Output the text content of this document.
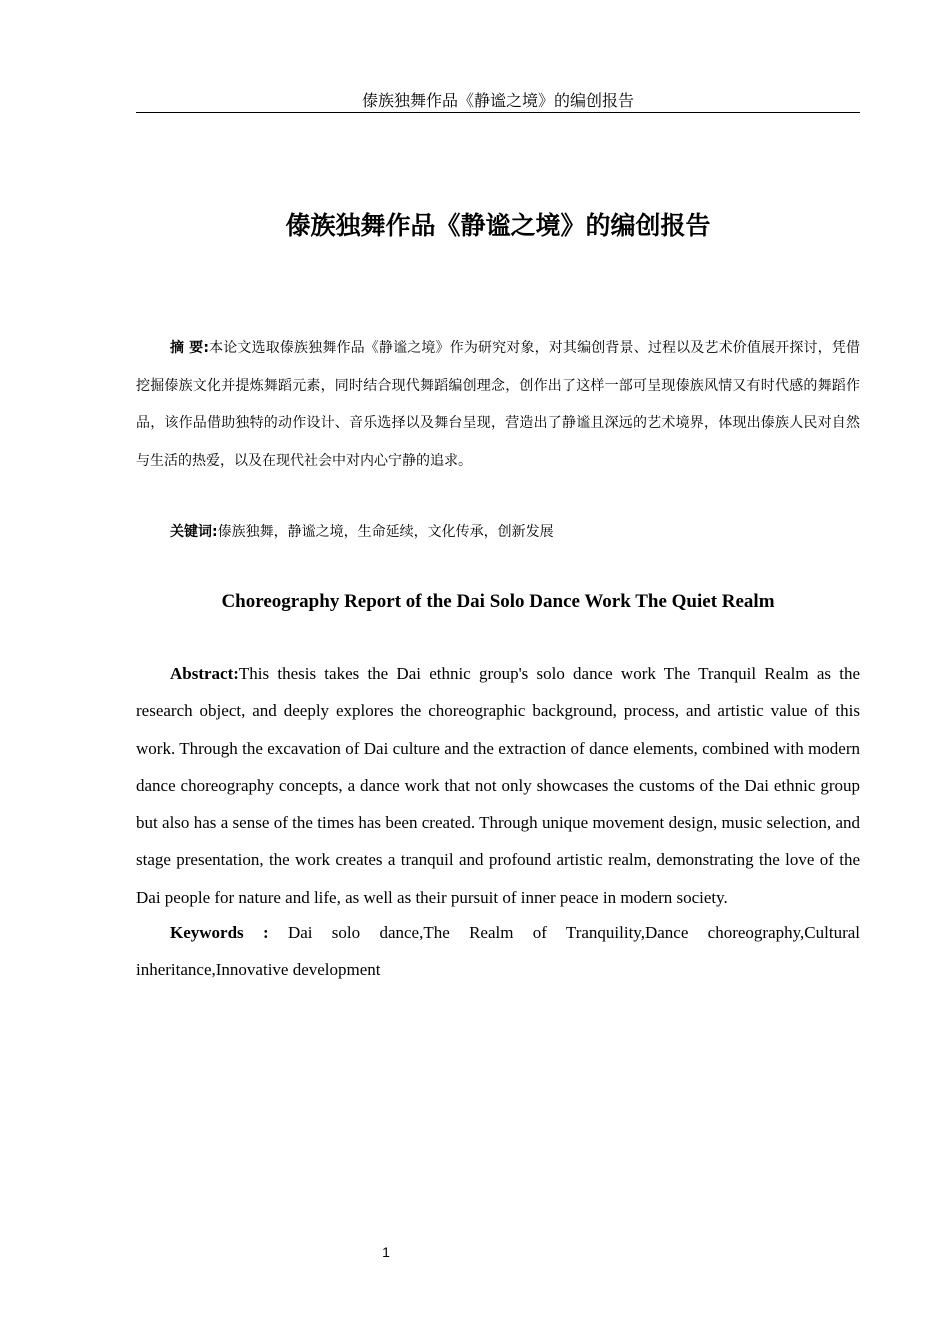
傣族独舞作品《静谧之境》的编创报告
傣族独舞作品《静谧之境》的编创报告

摘 要:本论文选取傣族独舞作品《静谧之境》作为研究对象，对其编创背景、过程以及艺术价值展开探讨，凭借挖掘傣族文化并提炼舞蹈元素，同时结合现代舞蹈编创理念，创作出了这样一部可呈现傣族风情又有时代感的舞蹈作品，该作品借助独特的动作设计、音乐选择以及舞台呈现，营造出了静谧且深远的艺术境界，体现出傣族人民对自然与生活的热爱，以及在现代社会中对内心宁静的追求。

关键词:傣族独舞，静谧之境，生命延续，文化传承，创新发展

Choreography Report of the Dai Solo Dance Work The Quiet Realm

Abstract:This thesis takes the Dai ethnic group's solo dance work The Tranquil Realm as the research object, and deeply explores the choreographic background, process, and artistic value of this work. Through the excavation of Dai culture and the extraction of dance elements, combined with modern dance choreography concepts, a dance work that not only showcases the customs of the Dai ethnic group but also has a sense of the times has been created. Through unique movement design, music selection, and stage presentation, the work creates a tranquil and profound artistic realm, demonstrating the love of the Dai people for nature and life, as well as their pursuit of inner peace in modern society.

Keywords : Dai solo dance,The Realm of Tranquility,Dance choreography,Cultural inheritance,Innovative development

1
